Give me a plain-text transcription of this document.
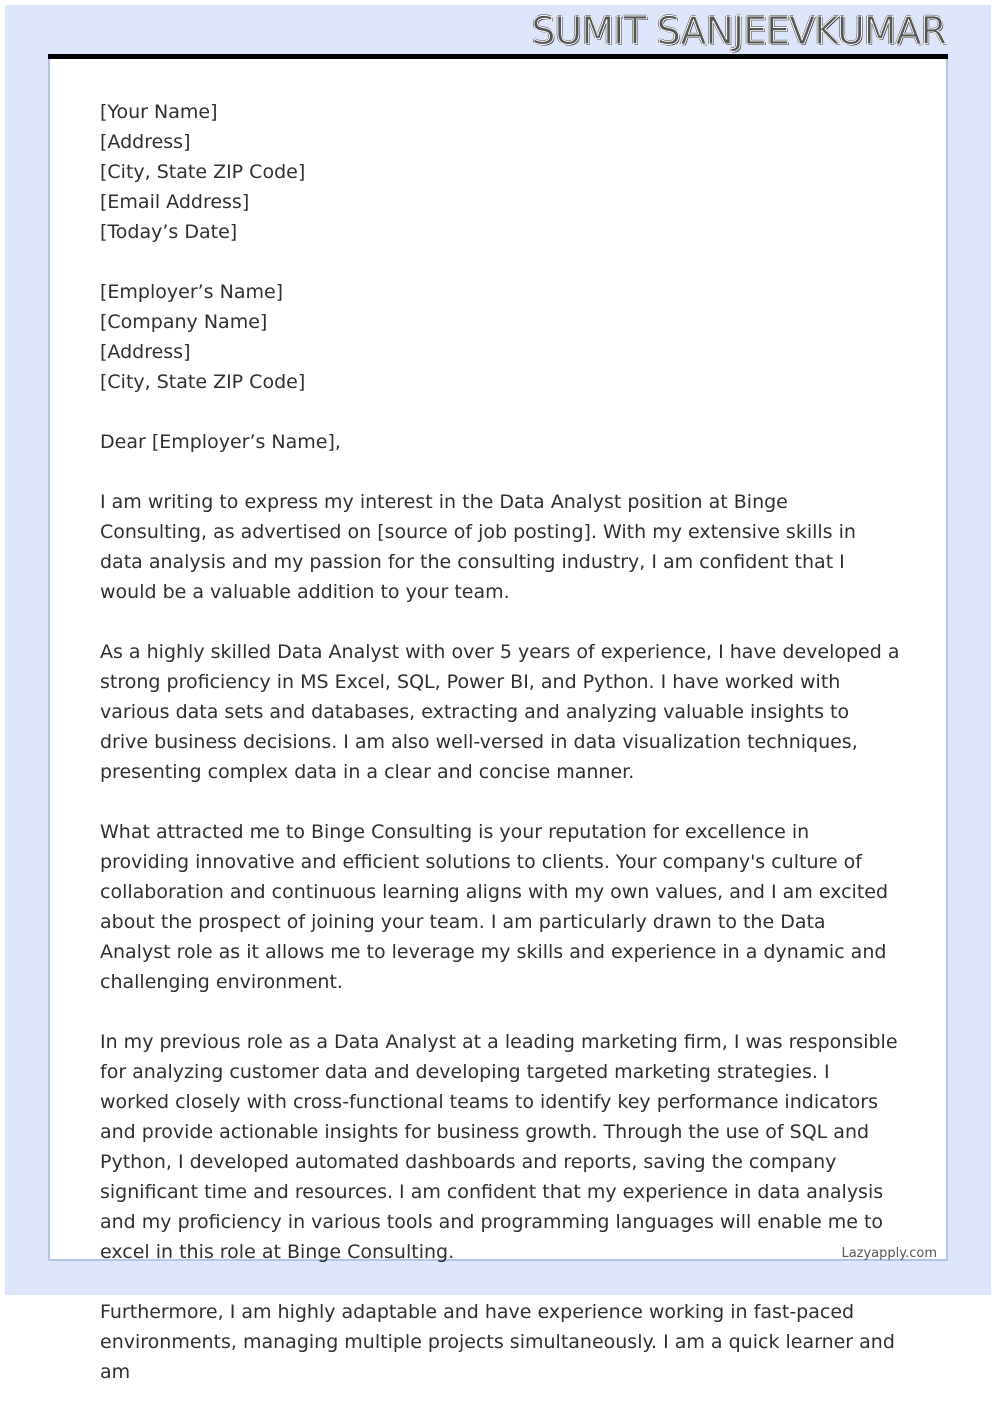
SUMIT SANJEEVKUMAR

[Your Name]
[Address]
[City, State ZIP Code]
[Email Address]
[Today’s Date]

[Employer’s Name]
[Company Name]
[Address]
[City, State ZIP Code]

Dear [Employer’s Name],

I am writing to express my interest in the Data Analyst position at Binge Consulting, as advertised on [source of job posting]. With my extensive skills in data analysis and my passion for the consulting industry, I am confident that I would be a valuable addition to your team.

As a highly skilled Data Analyst with over 5 years of experience, I have developed a strong proficiency in MS Excel, SQL, Power BI, and Python. I have worked with various data sets and databases, extracting and analyzing valuable insights to drive business decisions. I am also well-versed in data visualization techniques, presenting complex data in a clear and concise manner.

What attracted me to Binge Consulting is your reputation for excellence in providing innovative and efficient solutions to clients. Your company's culture of collaboration and continuous learning aligns with my own values, and I am excited about the prospect of joining your team. I am particularly drawn to the Data Analyst role as it allows me to leverage my skills and experience in a dynamic and challenging environment.

In my previous role as a Data Analyst at a leading marketing firm, I was responsible for analyzing customer data and developing targeted marketing strategies. I worked closely with cross-functional teams to identify key performance indicators and provide actionable insights for business growth. Through the use of SQL and Python, I developed automated dashboards and reports, saving the company significant time and resources. I am confident that my experience in data analysis and my proficiency in various tools and programming languages will enable me to excel in this role at Binge Consulting.

Furthermore, I am highly adaptable and have experience working in fast-paced environments, managing multiple projects simultaneously. I am a quick learner and am

Lazyapply.com
